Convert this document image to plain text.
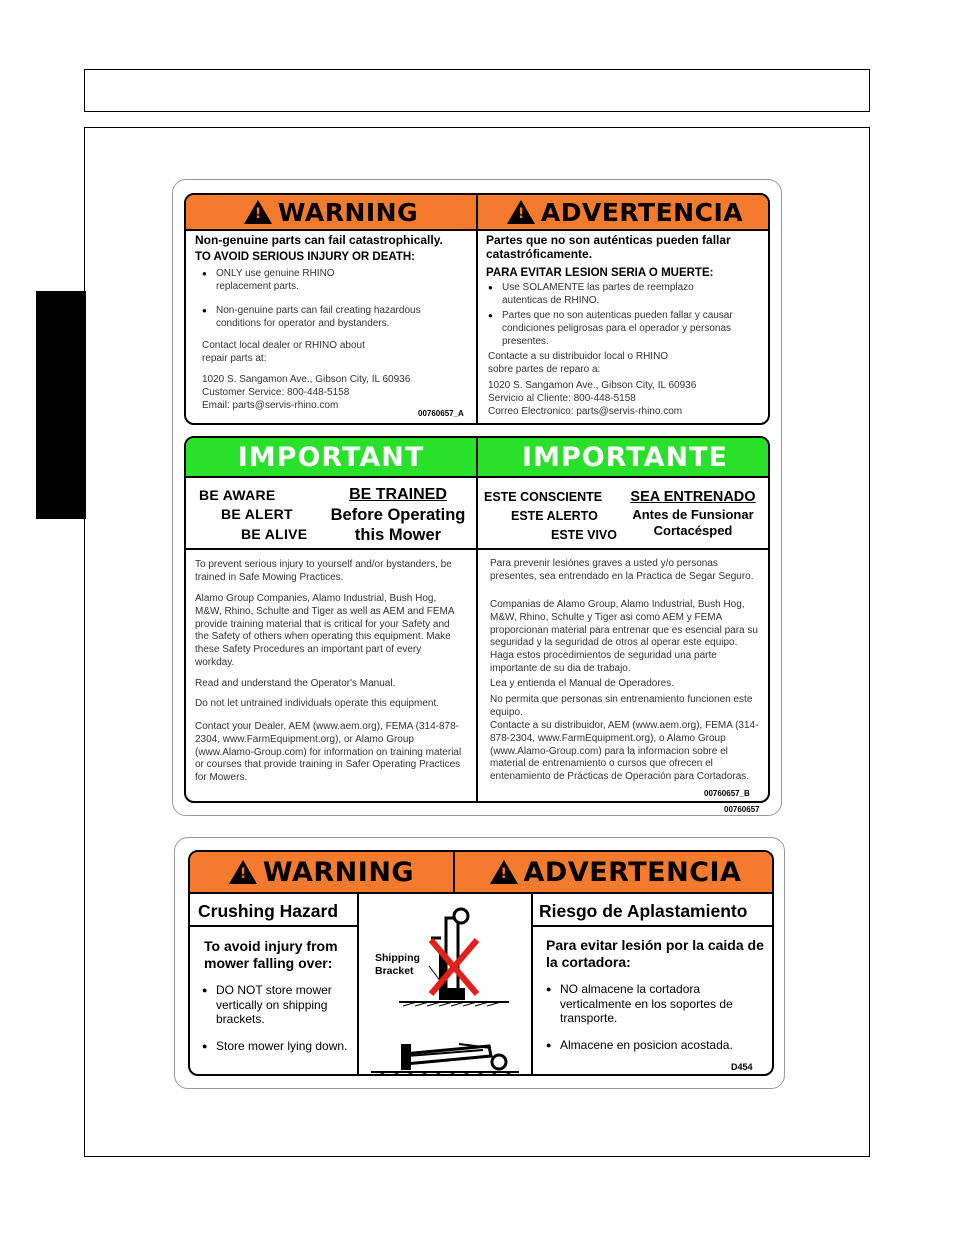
! WARNING	! ADVERTENCIA
Non-genuine parts can fail catastrophically.
TO AVOID SERIOUS INJURY OR DEATH:
● ONLY use genuine RHINO replacement parts.
● Non-genuine parts can fail creating hazardous conditions for operator and bystanders.
Contact local dealer or RHINO about
repair parts at:
1020 S. Sangamon Ave., Gibson City, IL 60936
Customer Service: 800-448-5158
Email: parts@servis-rhino.com
00760657_A
Partes que no son auténticas pueden fallar catastróficamente.
PARA EVITAR LESION SERIA O MUERTE:
● Use SOLAMENTE las partes de reemplazo autenticas de RHINO.
● Partes que no son autenticas pueden fallar y causar condiciones peligrosas para el operador y personas presentes.
Contacte a su distribuidor local o RHINO
sobre partes de reparo a:
1020 S. Sangamon Ave., Gibson City, IL 60936
Servicio al Cliente: 800-448-5158
Correo Electronico: parts@servis-rhino.com
IMPORTANT	IMPORTANTE
BE AWARE
BE ALERT
BE ALIVE
BE TRAINED
Before Operating
this Mower
ESTE CONSCIENTE
ESTE ALERTO
ESTE VIVO
SEA ENTRENADO
Antes de Funsionar
Cortacésped
To prevent serious injury to yourself and/or bystanders, be trained in Safe Mowing Practices.
Alamo Group Companies, Alamo Industrial, Bush Hog, M&W, Rhino, Schulte and Tiger as well as AEM and FEMA provide training material that is critical for your Safety and the Safety of others when operating this equipment. Make these Safety Procedures an important part of every workday.
Read and understand the Operator's Manual.
Do not let untrained individuals operate this equipment.
Contact your Dealer, AEM (www.aem.org), FEMA (314-878-2304, www.FarmEquipment.org), or Alamo Group (www.Alamo-Group.com) for information on training material or courses that provide training in Safer Operating Practices for Mowers.
Para prevenir lesiónes graves a usted y/o personas presentes, sea entrendado en la Practica de Segar Seguro.
Companias de Alamo Group, Alamo Industrial, Bush Hog, M&W, Rhino, Schulte y Tiger asi como AEM y FEMA proporcionan material para entrenar que es esencial para su seguridad y la seguridad de otros al operar este equipo. Haga estos procedimientos de seguridad una parte importante de su dia de trabajo.
Lea y entienda el Manual de Operadores.
No permita que personas sin entrenamiento funcionen este equipo.
Contacte a su distribuidor, AEM (www.aem.org), FEMA (314-878-2304, www.FarmEquipment.org), o Alamo Group (www.Alamo-Group.com) para la informacion sobre el material de entrenamiento o cursos que ofrecen el entenamiento de Prácticas de Operación para Cortadoras.
00760657_B
00760657
! WARNING	! ADVERTENCIA
Crushing Hazard
To avoid injury from mower falling over:
● DO NOT store mower vertically on shipping brackets.
● Store mower lying down.
Riesgo de Aplastamiento
Para evitar lesión por la caida de la cortadora:
● NO almacene la cortadora verticalmente en los soportes de transporte.
● Almacene en posicion acostada.
D454
Shipping Bracket
